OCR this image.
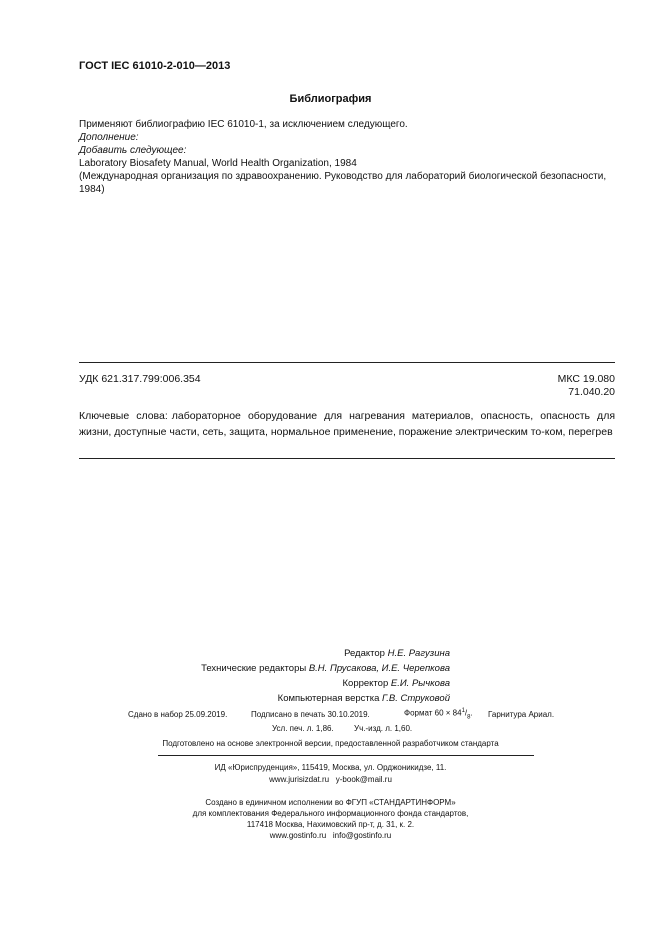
ГОСТ IEC 61010-2-010—2013
Библиография

Применяют библиографию IEC 61010-1, за исключением следующего.

Дополнение:

Добавить следующее:

Laboratory Biosafety Manual, World Health Organization, 1984

(Международная организация по здравоохранению. Руководство для лабораторий биологической безопасности, 1984)

УДК 621.317.799:006.354	МКС 19.080
71.040.20
Ключевые слова: лабораторное оборудование для нагревания материалов, опасность, опасность для жизни, доступные части, сеть, защита, нормальное применение, поражение электрическим то-ком, перегрев
Редактор Н.Е. Рагузина
Технические редакторы В.Н. Прусакова, И.Е. Черепкова
Корректор Е.И. Рычкова
Компьютерная верстка Г.В. Струковой
Сдано в набор 25.09.2019.	Подписано в печать 30.10.2019.	Формат $60 \times 84^1/_8$. Гарнитура Ариал.
Усл. печ. л. 1,86.	Уч.-изд. л. 1,60.
Подготовлено на основе электронной версии, предоставленной разработчиком стандарта
ИД «Юриспруденция», 115419, Москва, ул. Орджоникидзе, 11.
www.jurisizdat.ru y-book@mail.ru
Создано в единичном исполнении во ФГУП «СТАНДАРТИНФОРМ»
для комплектования Федерального информационного фонда стандартов,
117418 Москва, Нахимовский пр-т, д. 31, к. 2.
www.gostinfo.ru info@gostinfo.ru
